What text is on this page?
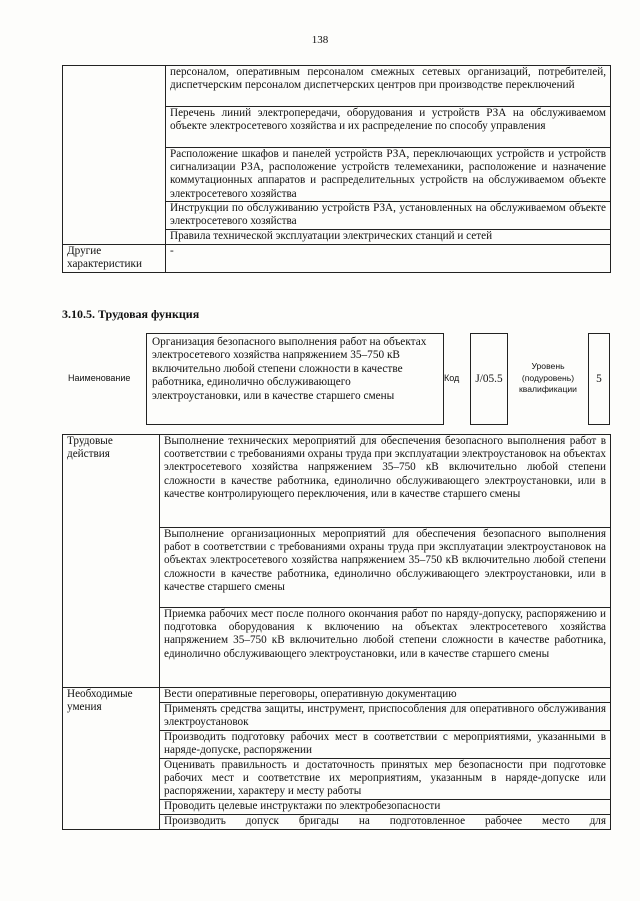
138
	персоналом, оперативным персоналом смежных сетевых организаций, потребителей, диспетчерским персоналом диспетчерских центров при производстве переключений
	Перечень линий электропередачи, оборудования и устройств РЗА на обслуживаемом объекте электросетевого хозяйства и их распределение по способу управления
	Расположение шкафов и панелей устройств РЗА, переключающих устройств и устройств сигнализации РЗА, расположение устройств телемеханики, расположение и назначение коммутационных аппаратов и распределительных устройств на обслуживаемом объекте электросетевого хозяйства
	Инструкции по обслуживанию устройств РЗА, установленных на обслуживаемом объекте электросетевого хозяйства
	Правила технической эксплуатации электрических станций и сетей
Другие характеристики	-
3.10.5. Трудовая функция
Наименование
Организация безопасного выполнения работ на объектах электросетевого хозяйства напряжением 35–750 кВ включительно любой степени сложности в качестве работника, единолично обслуживающего электроустановки, или в качестве старшего смены
Код	J/05.5
Уровень (подуровень) квалификации
5
Трудовые действия	Выполнение технических мероприятий для обеспечения безопасного выполнения работ в соответствии с требованиями охраны труда при эксплуатации электроустановок на объектах электросетевого хозяйства напряжением 35–750 кВ включительно любой степени сложности в качестве работника, единолично обслуживающего электроустановки, или в качестве контролирующего переключения, или в качестве старшего смены
	Выполнение организационных мероприятий для обеспечения безопасного выполнения работ в соответствии с требованиями охраны труда при эксплуатации электроустановок на объектах электросетевого хозяйства напряжением 35–750 кВ включительно любой степени сложности в качестве работника, единолично обслуживающего электроустановки, или в качестве старшего смены
	Приемка рабочих мест после полного окончания работ по наряду-допуску, распоряжению и подготовка оборудования к включению на объектах электросетевого хозяйства напряжением 35–750 кВ включительно любой степени сложности в качестве работника, единолично обслуживающего электроустановки, или в качестве старшего смены
Необходимые умения	Вести оперативные переговоры, оперативную документацию
	Применять средства защиты, инструмент, приспособления для оперативного обслуживания электроустановок
	Производить подготовку рабочих мест в соответствии с мероприятиями, указанными в наряде-допуске, распоряжении
	Оценивать правильность и достаточность принятых мер безопасности при подготовке рабочих мест и соответствие их мероприятиям, указанным в наряде-допуске или распоряжении, характеру и месту работы
	Проводить целевые инструктажи по электробезопасности
	Производить допуск бригады на подготовленное рабочее место для
